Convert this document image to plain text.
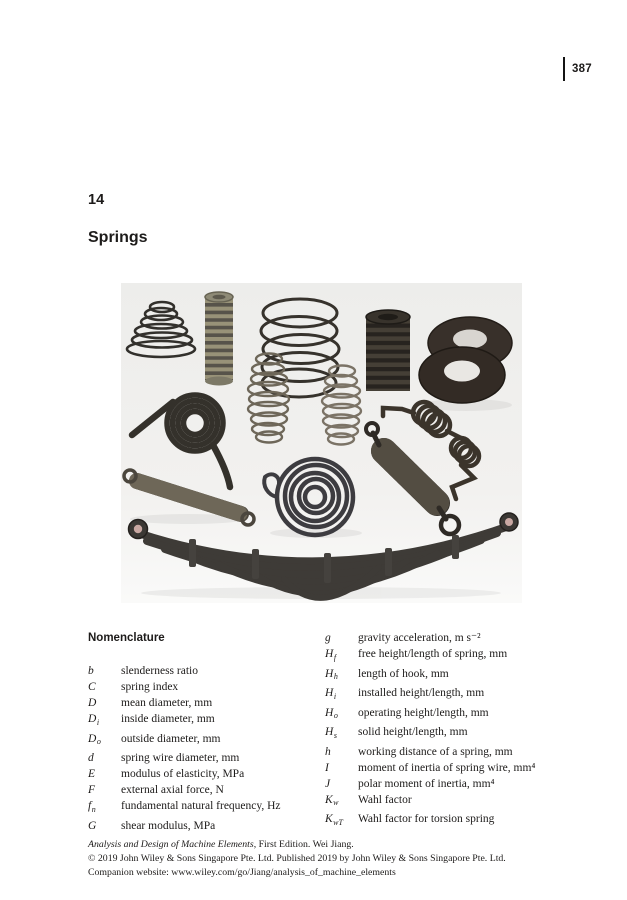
387
14
Springs
Nomenclature
b	slenderness ratio
C	spring index
D	mean diameter, mm
$D_i$	inside diameter, mm
$D_o$	outside diameter, mm
d	spring wire diameter, mm
E	modulus of elasticity, MPa
F	external axial force, N
$f_n$	fundamental natural frequency, Hz
G	shear modulus, MPa
g	gravity acceleration, m s⁻²
$H_f$	free height/length of spring, mm
$H_h$	length of hook, mm
$H_i$	installed height/length, mm
$H_o$	operating height/length, mm
$H_s$	solid height/length, mm
h	working distance of a spring, mm
I	moment of inertia of spring wire, mm⁴
J	polar moment of inertia, mm⁴
$K_w$	Wahl factor
$K_{wT}$	Wahl factor for torsion spring
Analysis and Design of Machine Elements, First Edition. Wei Jiang.
© 2019 John Wiley & Sons Singapore Pte. Ltd. Published 2019 by John Wiley & Sons Singapore Pte. Ltd.
Companion website: www.wiley.com/go/Jiang/analysis_of_machine_elements
